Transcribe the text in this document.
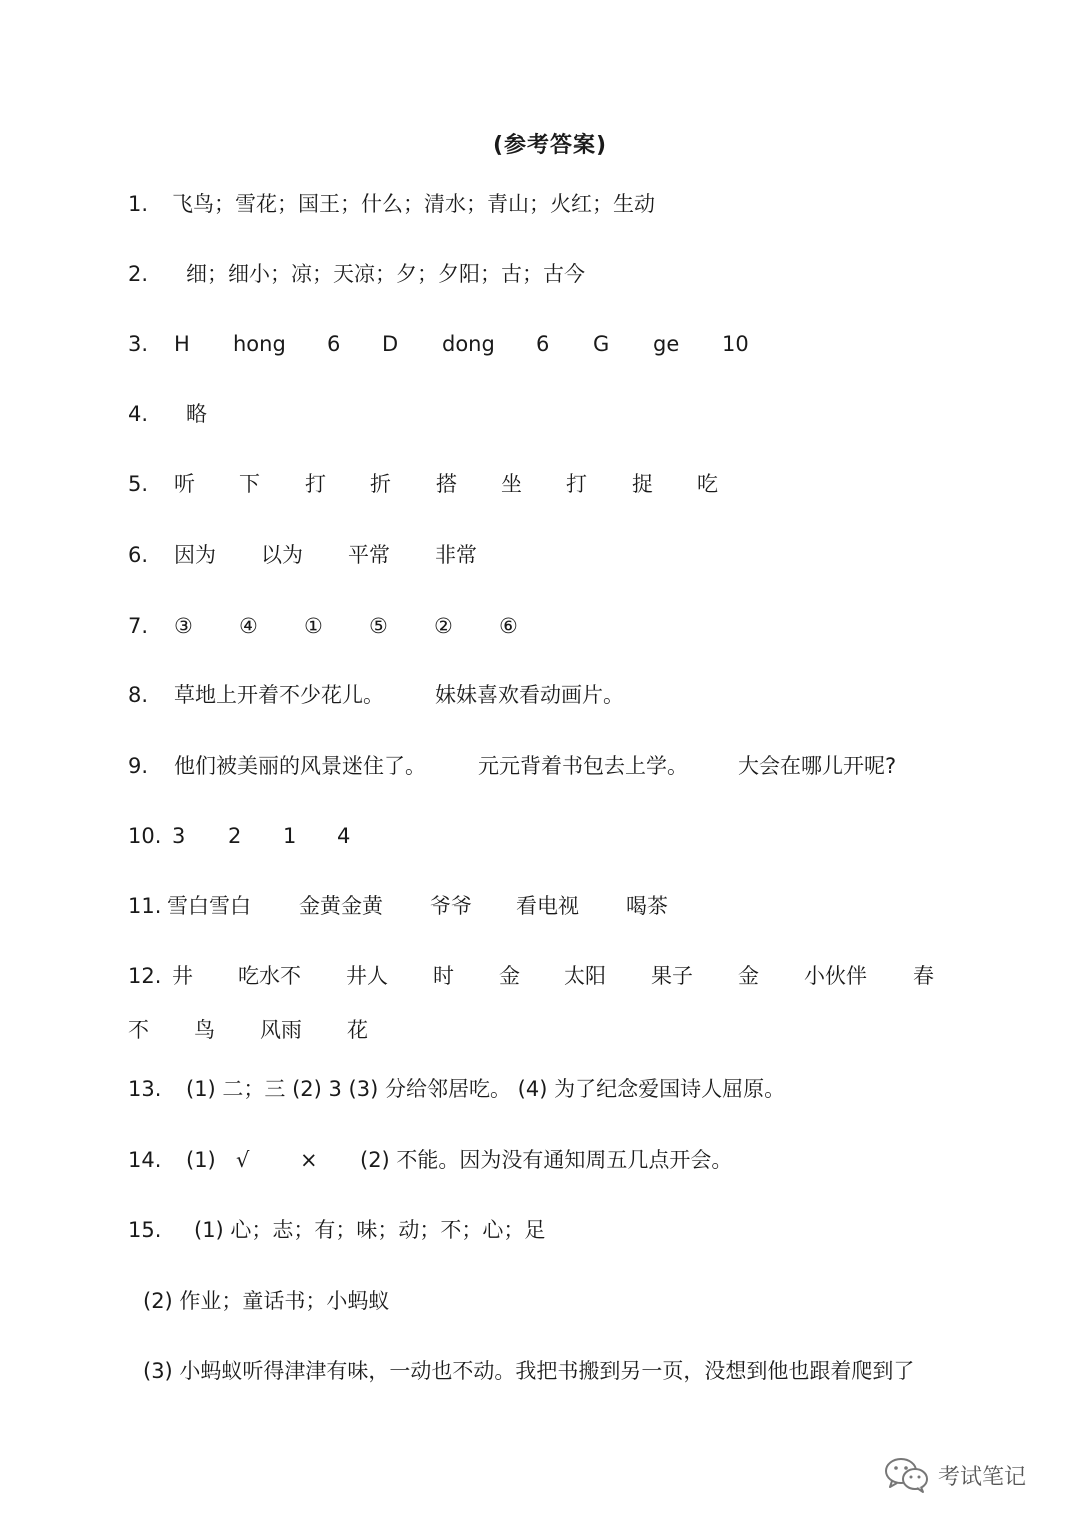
(参考答案)
1. 飞鸟；雪花；国王；什么；清水；青山；火红；生动
2. 细；细小；凉；天凉；夕；夕阳；古；古今
3. H hong 6 D dong 6 G ge 10
4. 略
5. 听 下 打 折 搭 坐 打 捉 吃
6. 因为 以为 平常 非常
7. ③ ④ ① ⑤ ② ⑥
8. 草地上开着不少花儿。 妹妹喜欢看动画片。
9. 他们被美丽的风景迷住了。 元元背着书包去上学。 大会在哪儿开呢?
10. 3 2 1 4
11. 雪白雪白 金黄金黄 爷爷 看电视 喝茶
12. 井 吃水不 井人 时 金 太阳 果子 金 小伙伴 春
不 鸟 风雨 花
13. (1) 二；三 (2) 3 (3) 分给邻居吃。 (4) 为了纪念爱国诗人屈原。
14. (1) √ × (2) 不能。因为没有通知周五几点开会。
15. (1) 心；志；有；味；动；不；心；足
(2) 作业；童话书；小蚂蚁
(3) 小蚂蚁听得津津有味，一动也不动。我把书搬到另一页，没想到他也跟着爬到了
考试笔记
